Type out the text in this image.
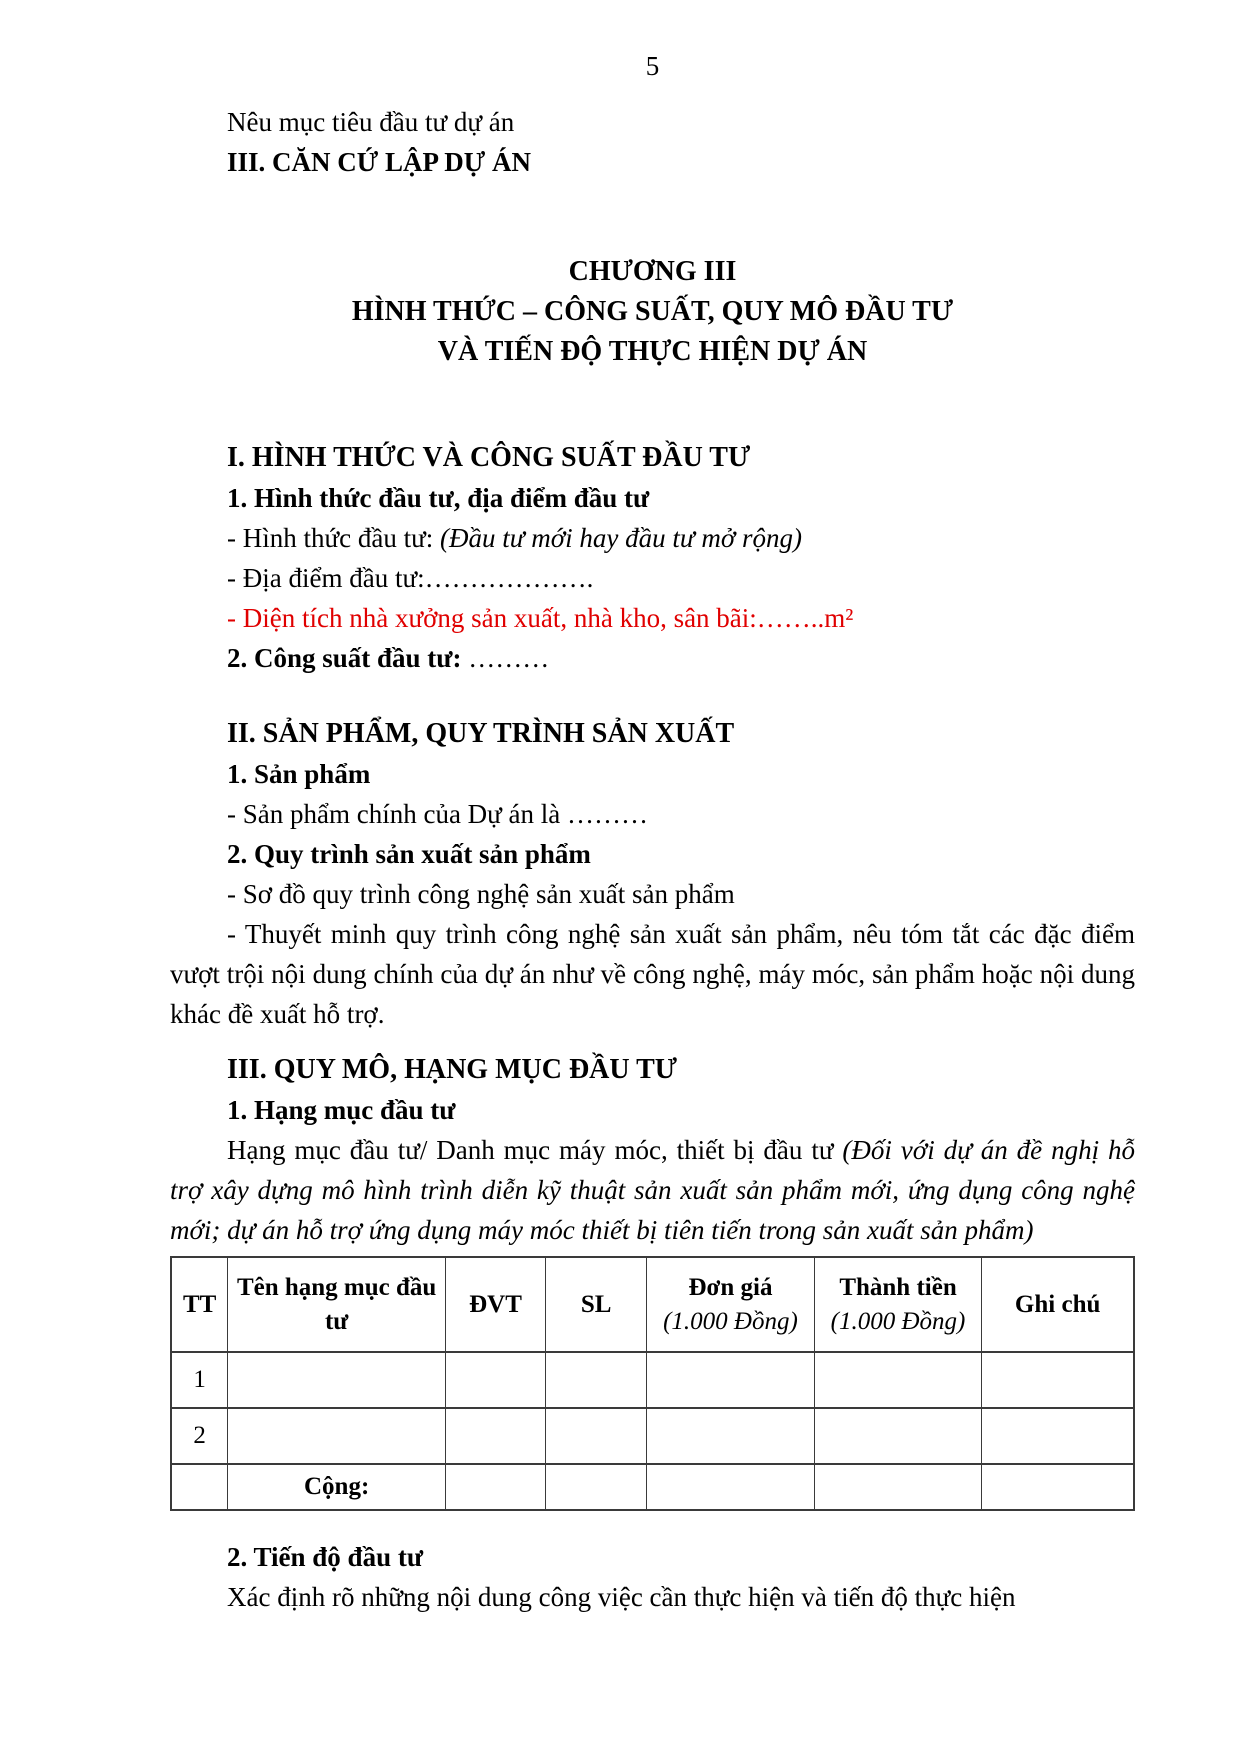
5

Nêu mục tiêu đầu tư dự án

III. CĂN CỨ LẬP DỰ ÁN

CHƯƠNG III

HÌNH THỨC – CÔNG SUẤT, QUY MÔ ĐẦU TƯ

VÀ TIẾN ĐỘ THỰC HIỆN DỰ ÁN

I. HÌNH THỨC VÀ CÔNG SUẤT ĐẦU TƯ

1. Hình thức đầu tư, địa điểm đầu tư

- Hình thức đầu tư: (Đầu tư mới hay đầu tư mở rộng)

- Địa điểm đầu tư:……………….

- Diện tích nhà xưởng sản xuất, nhà kho, sân bãi:……..m²

2. Công suất đầu tư: ………

II. SẢN PHẨM, QUY TRÌNH SẢN XUẤT

1. Sản phẩm

- Sản phẩm chính của Dự án là ………

2. Quy trình sản xuất sản phẩm

- Sơ đồ quy trình công nghệ sản xuất sản phẩm

- Thuyết minh quy trình công nghệ sản xuất sản phẩm, nêu tóm tắt các đặc điểm vượt trội nội dung chính của dự án như về công nghệ, máy móc, sản phẩm hoặc nội dung khác đề xuất hỗ trợ.

III. QUY MÔ, HẠNG MỤC ĐẦU TƯ

1. Hạng mục đầu tư

Hạng mục đầu tư/ Danh mục máy móc, thiết bị đầu tư (Đối với dự án đề nghị hỗ trợ xây dựng mô hình trình diễn kỹ thuật sản xuất sản phẩm mới, ứng dụng công nghệ mới; dự án hỗ trợ ứng dụng máy móc thiết bị tiên tiến trong sản xuất sản phẩm)

TT	Tên hạng mục đầu tư	ĐVT	SL	Đơn giá (1.000 Đồng)	Thành tiền (1.000 Đồng)	Ghi chú
1						
2						
	Cộng:					

2. Tiến độ đầu tư

Xác định rõ những nội dung công việc cần thực hiện và tiến độ thực hiện
